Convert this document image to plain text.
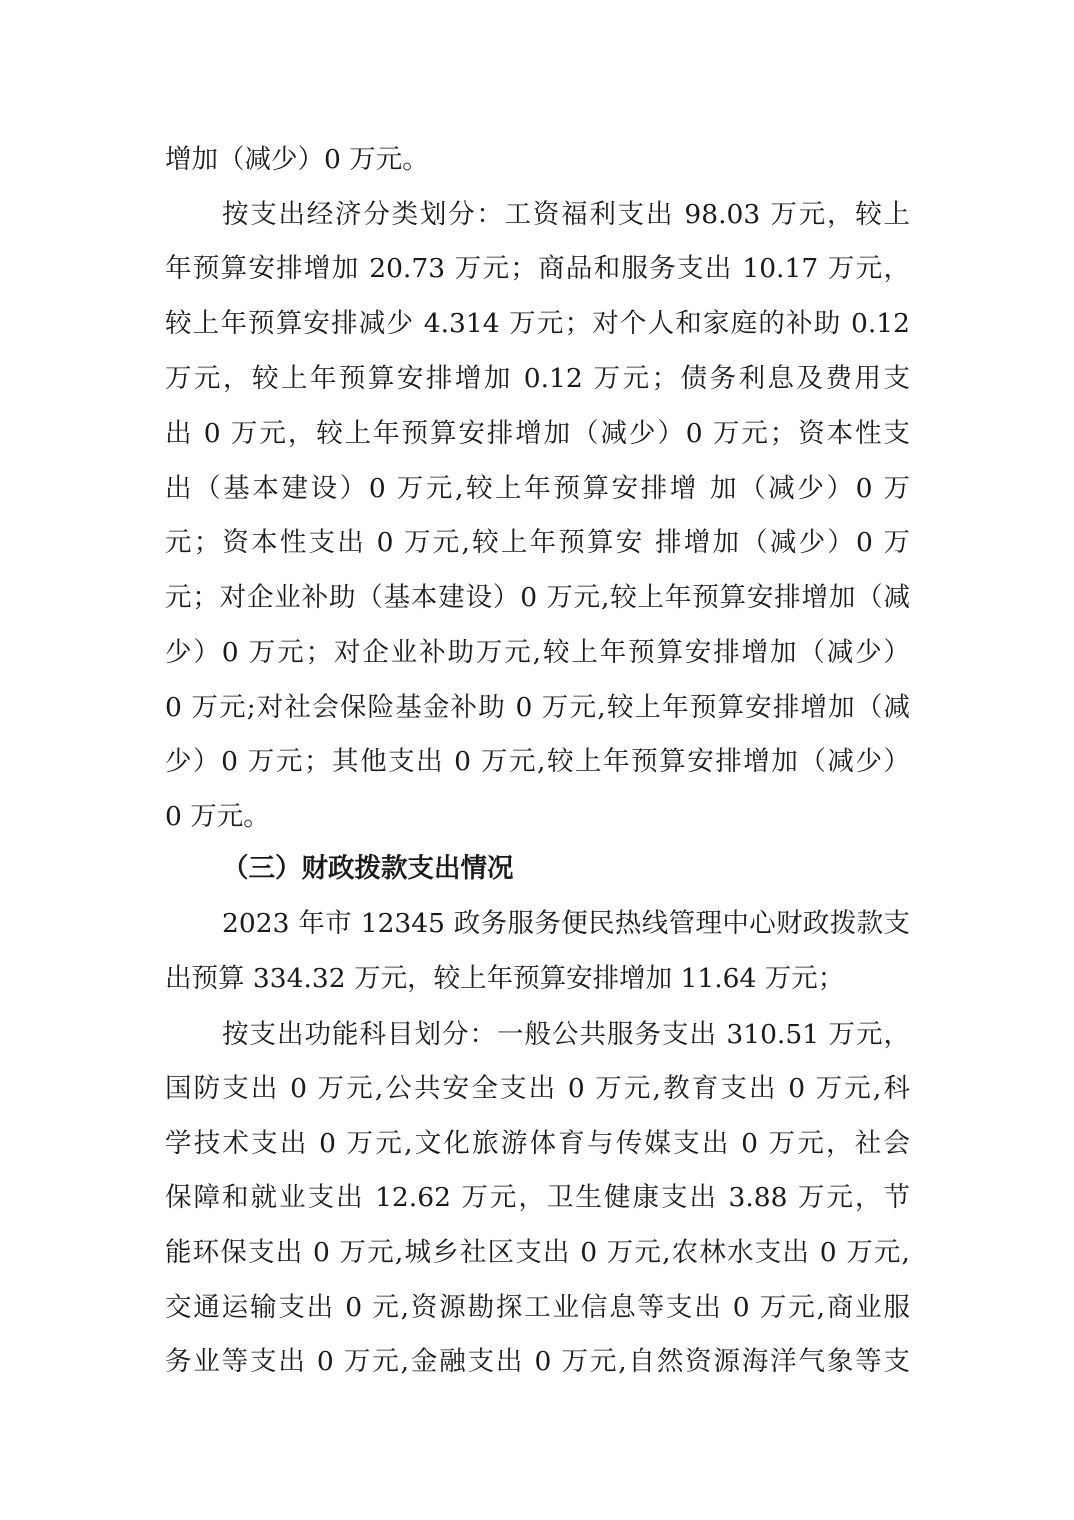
增加（减少）0 万元。
按支出经济分类划分：工资福利支出 98.03 万元，较上
年预算安排增加 20.73 万元；商品和服务支出 10.17 万元，
较上年预算安排减少 4.314 万元；对个人和家庭的补助 0.12
万元，较上年预算安排增加 0.12 万元；债务利息及费用支
出 0 万元，较上年预算安排增加（减少）0 万元；资本性支
出（基本建设）0 万元,较上年预算安排增 加（减少）0 万
元；资本性支出 0 万元,较上年预算安 排增加（减少）0 万
元；对企业补助（基本建设）0 万元,较上年预算安排增加（减
少）0 万元；对企业补助万元,较上年预算安排增加（减少）
0 万元;对社会保险基金补助 0 万元,较上年预算安排增加（减
少）0 万元；其他支出 0 万元,较上年预算安排增加（减少）
0 万元。
（三）财政拨款支出情况
2023 年市 12345 政务服务便民热线管理中心财政拨款支
出预算 334.32 万元，较上年预算安排增加 11.64 万元；
按支出功能科目划分：一般公共服务支出 310.51 万元，
国防支出 0 万元,公共安全支出 0 万元,教育支出 0 万元,科
学技术支出 0 万元,文化旅游体育与传媒支出 0 万元，社会
保障和就业支出 12.62 万元，卫生健康支出 3.88 万元，节
能环保支出 0 万元,城乡社区支出 0 万元,农林水支出 0 万元,
交通运输支出 0 元,资源勘探工业信息等支出 0 万元,商业服
务业等支出 0 万元,金融支出 0 万元,自然资源海洋气象等支
